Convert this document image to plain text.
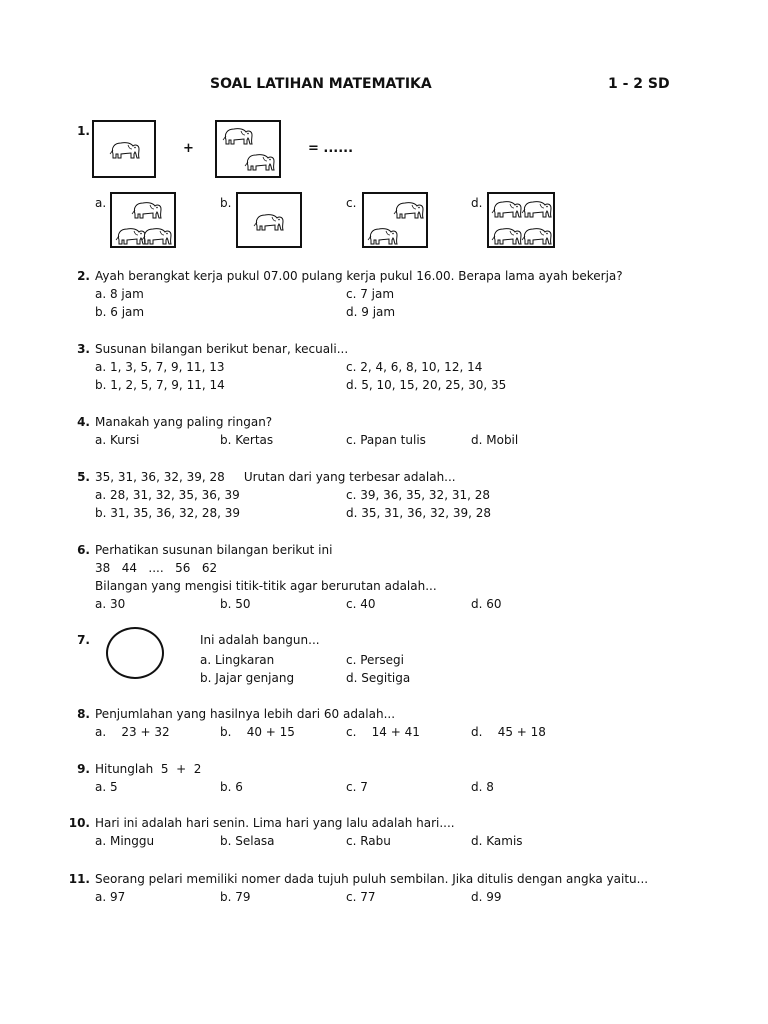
SOAL LATIHAN MATEMATIKA	1 - 2 SD
1.
+	= ......
a.	b.	c.	d.
2. Ayah berangkat kerja pukul 07.00 pulang kerja pukul 16.00. Berapa lama ayah bekerja?
a. 8 jam	c. 7 jam
b. 6 jam	d. 9 jam
3. Susunan bilangan berikut benar, kecuali...
a. 1, 3, 5, 7, 9, 11, 13	c. 2, 4, 6, 8, 10, 12, 14
b. 1, 2, 5, 7, 9, 11, 14	d. 5, 10, 15, 20, 25, 30, 35
4. Manakah yang paling ringan?
a. Kursi	b. Kertas	c. Papan tulis	d. Mobil
5. 35, 31, 36, 32, 39, 28     Urutan dari yang terbesar adalah...
a. 28, 31, 32, 35, 36, 39	c. 39, 36, 35, 32, 31, 28
b. 31, 35, 36, 32, 28, 39	d. 35, 31, 36, 32, 39, 28
6. Perhatikan susunan bilangan berikut ini
38   44   ....   56   62
Bilangan yang mengisi titik-titik agar berurutan adalah...
a. 30	b. 50	c. 40	d. 60
7.	Ini adalah bangun...
a. Lingkaran	c. Persegi
b. Jajar genjang	d. Segitiga
8. Penjumlahan yang hasilnya lebih dari 60 adalah...
a.    23 + 32	b.    40 + 15	c.    14 + 41	d.    45 + 18
9. Hitunglah  5  +  2
a. 5	b. 6	c. 7	d. 8
10. Hari ini adalah hari senin. Lima hari yang lalu adalah hari....
a. Minggu	b. Selasa	c. Rabu	d. Kamis
11. Seorang pelari memiliki nomer dada tujuh puluh sembilan. Jika ditulis dengan angka yaitu...
a. 97	b. 79	c. 77	d. 99
